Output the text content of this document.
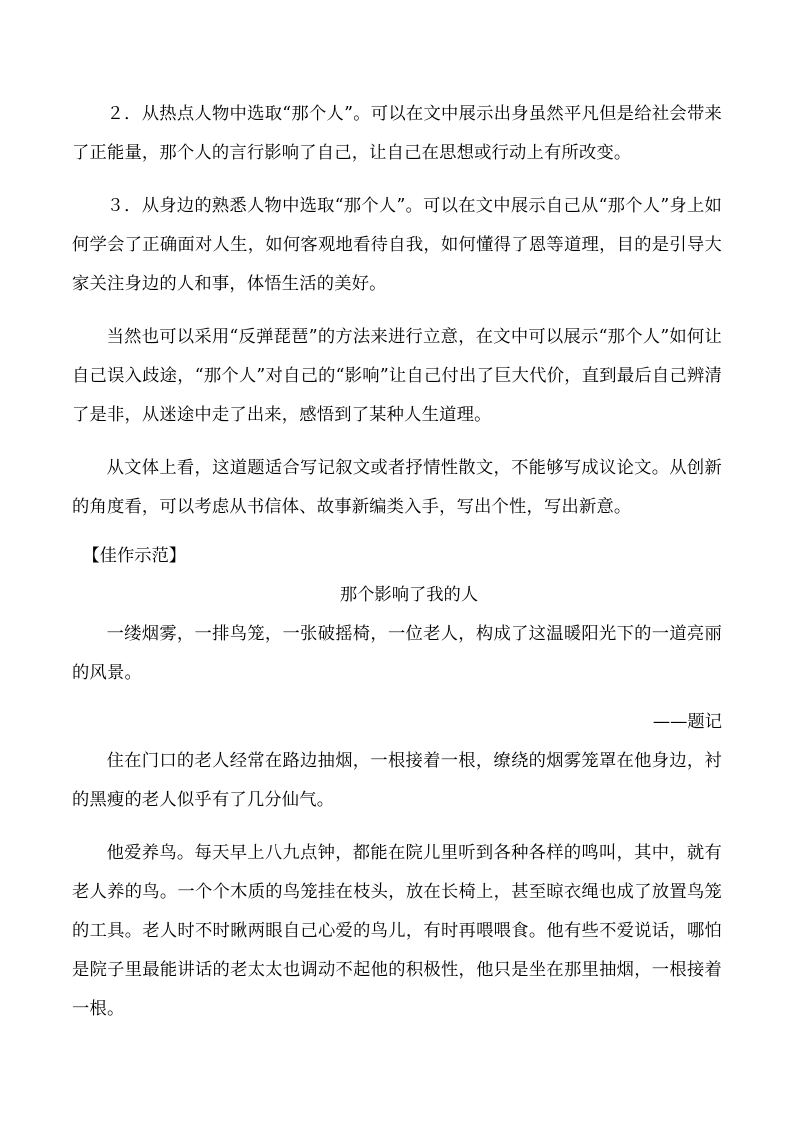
２．从热点人物中选取“那个人”。可以在文中展示出身虽然平凡但是给社会带来了正能量，那个人的言行影响了自己，让自己在思想或行动上有所改变。

３．从身边的熟悉人物中选取“那个人”。可以在文中展示自己从“那个人”身上如何学会了正确面对人生，如何客观地看待自我，如何懂得了恩等道理，目的是引导大家关注身边的人和事，体悟生活的美好。

当然也可以采用“反弹琵琶”的方法来进行立意，在文中可以展示“那个人”如何让自己误入歧途，“那个人”对自己的“影响”让自己付出了巨大代价，直到最后自己辨清了是非，从迷途中走了出来，感悟到了某种人生道理。

从文体上看，这道题适合写记叙文或者抒情性散文，不能够写成议论文。从创新的角度看，可以考虑从书信体、故事新编类入手，写出个性，写出新意。

【佳作示范】

那个影响了我的人

一缕烟雾，一排鸟笼，一张破摇椅，一位老人，构成了这温暖阳光下的一道亮丽的风景。

——题记

住在门口的老人经常在路边抽烟，一根接着一根，缭绕的烟雾笼罩在他身边，衬的黑瘦的老人似乎有了几分仙气。

他爱养鸟。每天早上八九点钟，都能在院儿里听到各种各样的鸣叫，其中，就有老人养的鸟。一个个木质的鸟笼挂在枝头，放在长椅上，甚至晾衣绳也成了放置鸟笼的工具。老人时不时瞅两眼自己心爱的鸟儿，有时再喂喂食。他有些不爱说话，哪怕是院子里最能讲话的老太太也调动不起他的积极性，他只是坐在那里抽烟，一根接着一根。
